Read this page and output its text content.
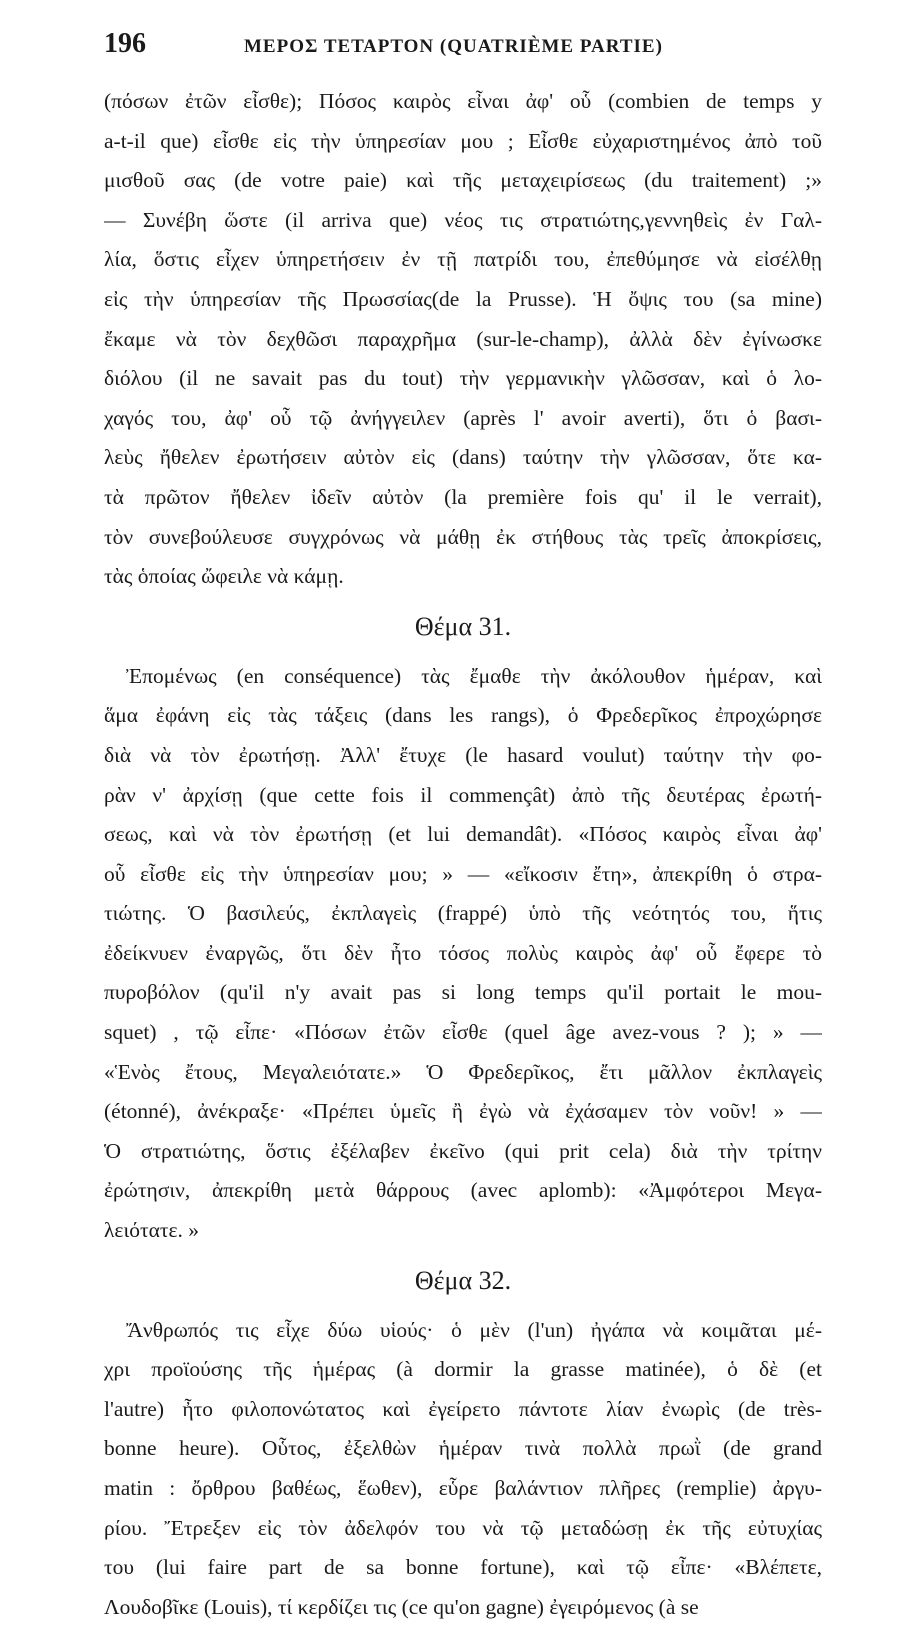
196	ΜΕΡΟΣ ΤΕΤΑΡΤΟΝ (QUATRIÈME PARTIE)
(πόσων ἐτῶν εἶσθε); Πόσος καιρὸς εἶναι ἀφ' οὗ (combien de temps y
a-t-il que) εἶσθε εἰς τὴν ὑπηρεσίαν μου ; Εἶσθε εὐχαριστημένος ἀπὸ τοῦ
μισθοῦ σας (de votre paie) καὶ τῆς μεταχειρίσεως (du traitement) ;»
— Συνέβη ὥστε (il arriva que) νέος τις στρατιώτης,γεννηθεὶς ἐν Γαλ-
λία, ὅστις εἶχεν ὑπηρετήσειν ἐν τῇ πατρίδι του, ἐπεθύμησε νὰ εἰσέλθῃ
εἰς τὴν ὑπηρεσίαν τῆς Πρωσσίας(de la Prusse). Ἡ ὄψις του (sa mine)
ἔκαμε νὰ τὸν δεχθῶσι παραχρῆμα (sur-le-champ), ἀλλὰ δὲν ἐγίνωσκε
διόλου (il ne savait pas du tout) τὴν γερμανικὴν γλῶσσαν, καὶ ὁ λο-
χαγός του, ἀφ' οὗ τῷ ἀνήγγειλεν (après l' avoir averti), ὅτι ὁ βασι-
λεὺς ἤθελεν ἐρωτήσειν αὐτὸν εἰς (dans) ταύτην τὴν γλῶσσαν, ὅτε κα-
τὰ πρῶτον ἤθελεν ἰδεῖν αὐτὸν (la première fois qu' il le verrait),
τὸν συνεβούλευσε συγχρόνως νὰ μάθῃ ἐκ στήθους τὰς τρεῖς ἀποκρίσεις,
τὰς ὁποίας ὤφειλε νὰ κάμῃ.
Θέμα 31.
Ἐπομένως (en conséquence) τὰς ἔμαθε τὴν ἀκόλουθον ἡμέραν, καὶ
ἅμα ἐφάνη εἰς τὰς τάξεις (dans les rangs), ὁ Φρεδερῖκος ἐπροχώρησε
διὰ νὰ τὸν ἐρωτήσῃ. Ἀλλ' ἔτυχε (le hasard voulut) ταύτην τὴν φο-
ρὰν ν' ἀρχίσῃ (que cette fois il commençât) ἀπὸ τῆς δευτέρας ἐρωτή-
σεως, καὶ νὰ τὸν ἐρωτήσῃ (et lui demandât). «Πόσος καιρὸς εἶναι ἀφ'
οὗ εἶσθε εἰς τὴν ὑπηρεσίαν μου; » — «εἴκοσιν ἔτη», ἀπεκρίθη ὁ στρα-
τιώτης. Ὁ βασιλεύς, ἐκπλαγεὶς (frappé) ὑπὸ τῆς νεότητός του, ἥτις
ἐδείκνυεν ἐναργῶς, ὅτι δὲν ἦτο τόσος πολὺς καιρὸς ἀφ' οὗ ἔφερε τὸ
πυροβόλον (qu'il n'y avait pas si long temps qu'il portait le mou-
squet) , τῷ εἶπε· «Πόσων ἐτῶν εἶσθε (quel âge avez-vous ? ); » —
«Ἑνὸς ἔτους, Μεγαλειότατε.» Ὁ Φρεδερῖκος, ἔτι μᾶλλον ἐκπλαγεὶς
(étonné), ἀνέκραξε· «Πρέπει ὑμεῖς ἢ ἐγὼ νὰ ἐχάσαμεν τὸν νοῦν! » —
Ὁ στρατιώτης, ὅστις ἐξέλαβεν ἐκεῖνο (qui prit cela) διὰ τὴν τρίτην
ἐρώτησιν, ἀπεκρίθη μετὰ θάρρους (avec aplomb): «Ἀμφότεροι Μεγα-
λειότατε. »
Θέμα 32.
Ἄνθρωπός τις εἶχε δύω υἱούς· ὁ μὲν (l'un) ἠγάπα νὰ κοιμᾶται μέ-
χρι προϊούσης τῆς ἡμέρας (à dormir la grasse matinée), ὁ δὲ (et
l'autre) ἦτο φιλοπονώτατος καὶ ἐγείρετο πάντοτε λίαν ἐνωρὶς (de très-
bonne heure). Οὗτος, ἐξελθὼν ἡμέραν τινὰ πολλὰ πρωῒ (de grand
matin : ὄρθρου βαθέως, ἕωθεν), εὗρε βαλάντιον πλῆρες (remplie) ἀργυ-
ρίου. Ἔτρεξεν εἰς τὸν ἀδελφόν του νὰ τῷ μεταδώσῃ ἐκ τῆς εὐτυχίας
του (lui faire part de sa bonne fortune), καὶ τῷ εἶπε· «Βλέπετε,
Λουδοβῖκε (Louis), τί κερδίζει τις (ce qu'on gagne) ἐγειρόμενος (à se
